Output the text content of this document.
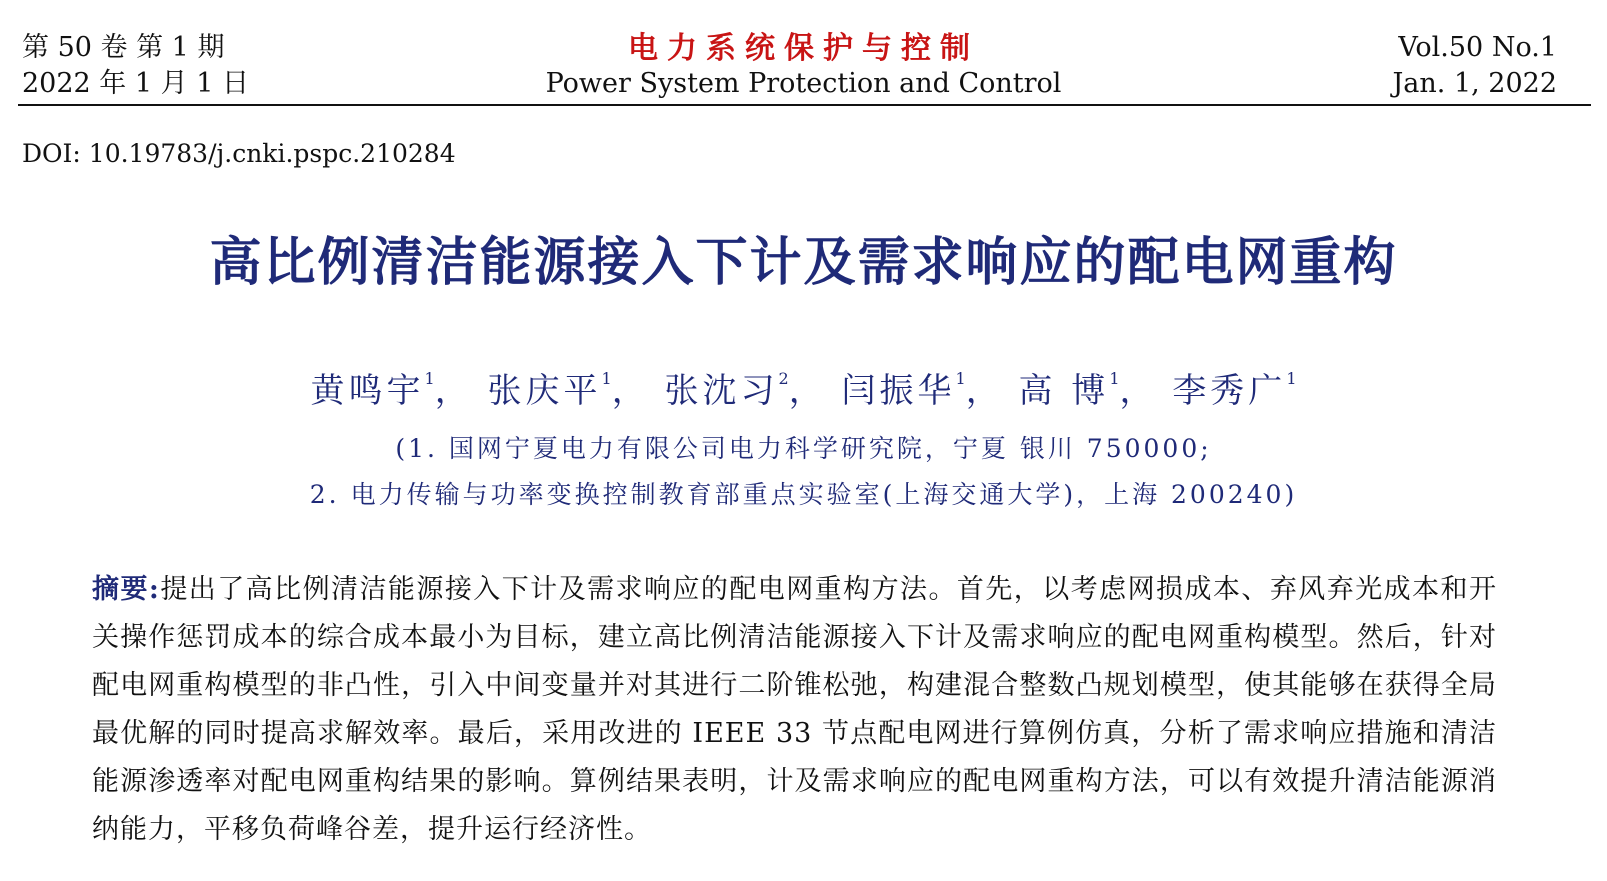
第 50 卷 第 1 期
2022 年 1 月 1 日
电力系统保护与控制
Power System Protection and Control
Vol.50 No.1
Jan. 1, 2022
DOI: 10.19783/j.cnki.pspc.210284
高比例清洁能源接入下计及需求响应的配电网重构
黄鸣宇$^1$， 张庆平$^1$， 张沈习$^2$， 闫振华$^1$， 高 博$^1$， 李秀广$^1$
(1. 国网宁夏电力有限公司电力科学研究院，宁夏 银川 750000;
2. 电力传输与功率变换控制教育部重点实验室(上海交通大学)，上海 200240)
摘要:提出了高比例清洁能源接入下计及需求响应的配电网重构方法。首先，以考虑网损成本、弃风弃光成本和开关操作惩罚成本的综合成本最小为目标，建立高比例清洁能源接入下计及需求响应的配电网重构模型。然后，针对配电网重构模型的非凸性，引入中间变量并对其进行二阶锥松弛，构建混合整数凸规划模型，使其能够在获得全局最优解的同时提高求解效率。最后，采用改进的 IEEE 33 节点配电网进行算例仿真，分析了需求响应措施和清洁能源渗透率对配电网重构结果的影响。算例结果表明，计及需求响应的配电网重构方法，可以有效提升清洁能源消纳能力，平移负荷峰谷差，提升运行经济性。
